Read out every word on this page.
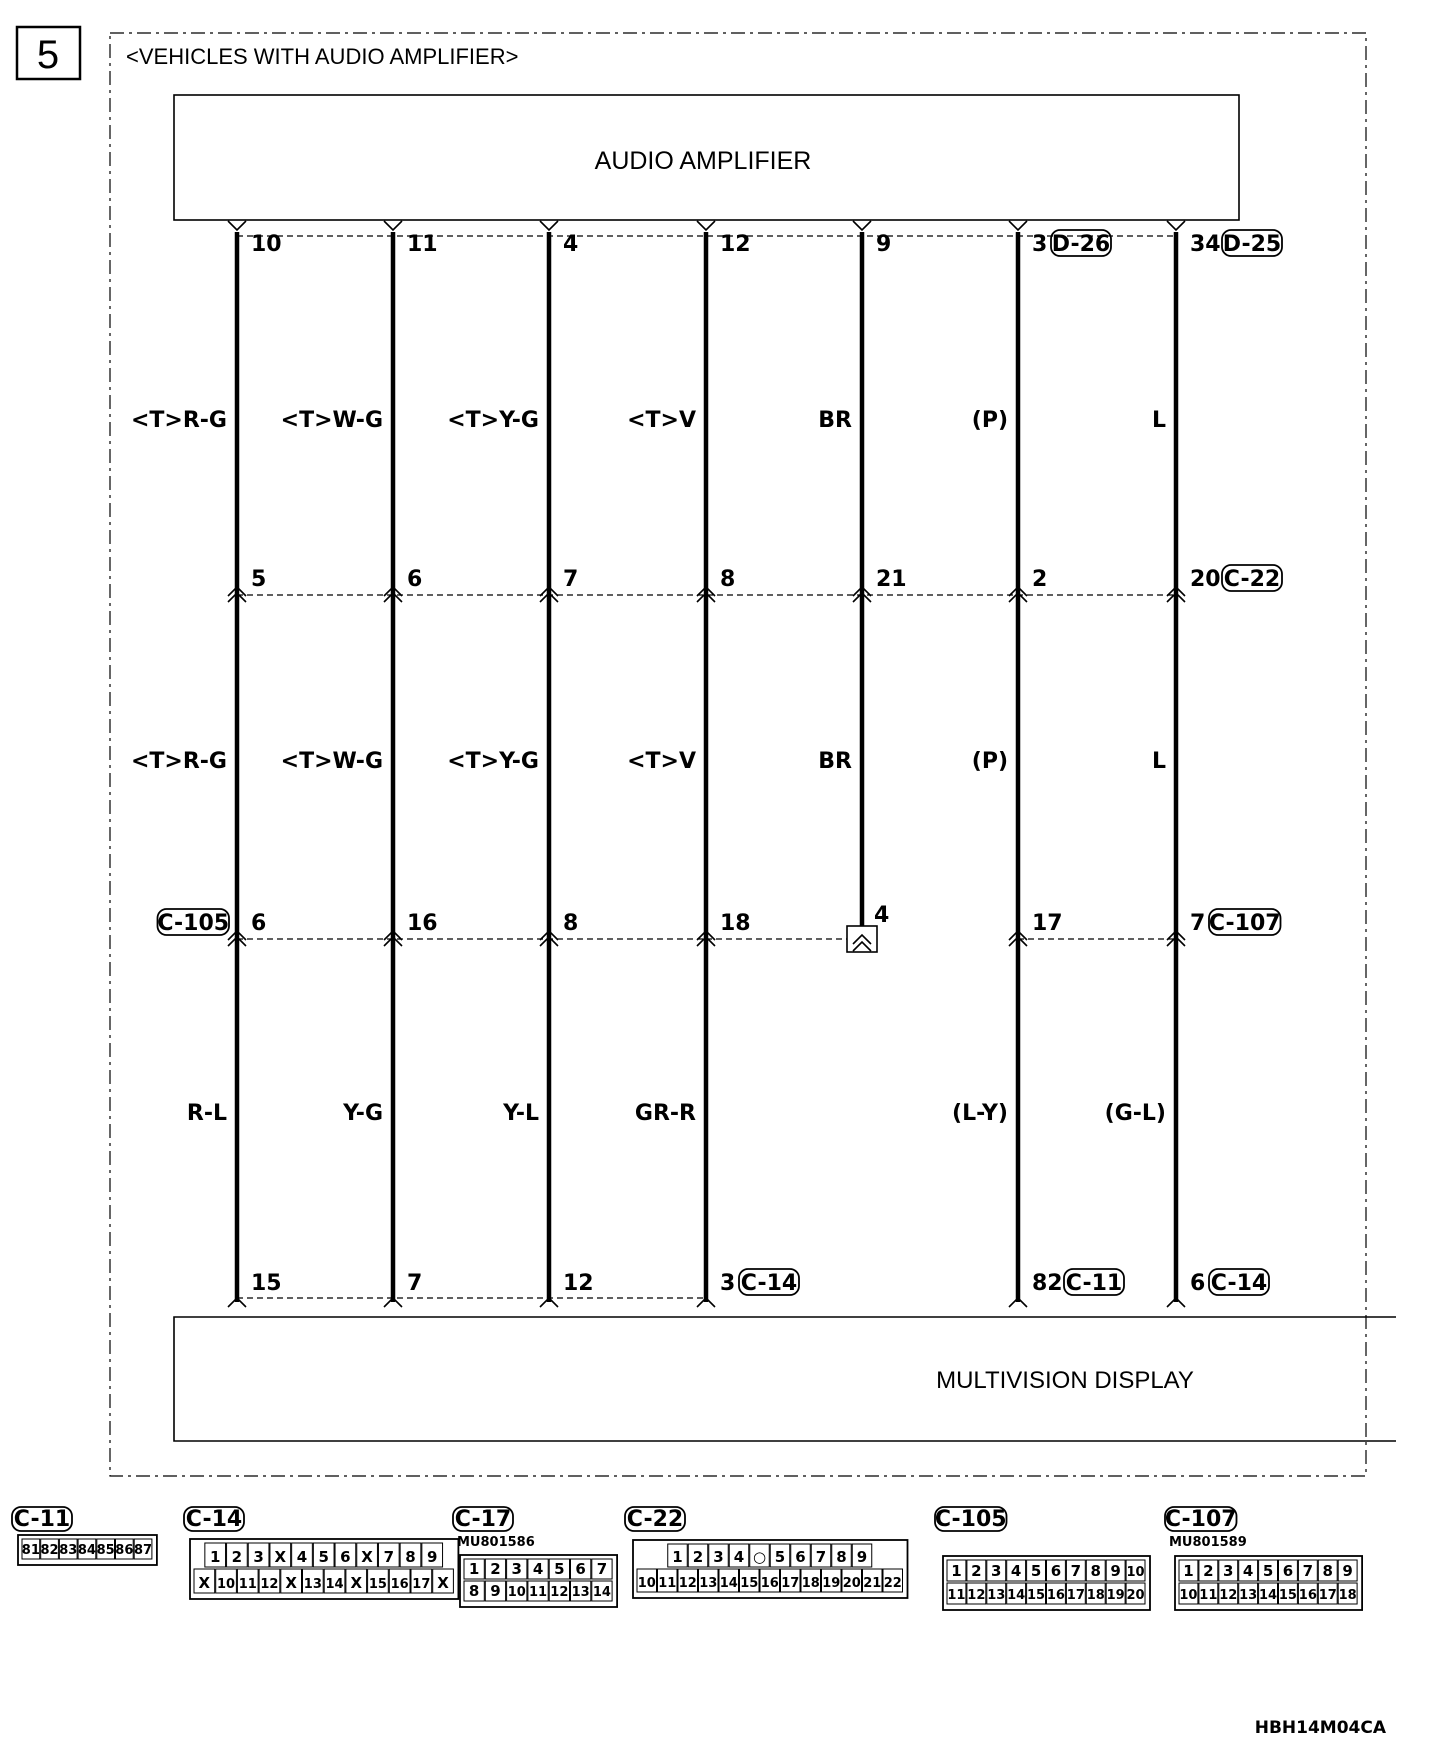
5	<VEHICLES WITH AUDIO AMPLIFIER>
AUDIO AMPLIFIER
MULTIVISION DISPLAY
HBH14M04CA
10
5
6
C-105
15
<T>R-G
<T>R-G
R-L
11
6
16
7
<T>W-G
<T>W-G
Y-G
4
7
8
12
<T>Y-G
<T>Y-G
Y-L
12
8
18
3 C-14
<T>V
<T>V
GR-R
9
21
4
BR
BR
3 D-26
2
17
82 C-11
(P)
(P)
(L-Y)
34 D-25
20 C-22
7 C-107
6 C-14
L
L
(G-L)
C-11
81 82 83 84 85 86 87
C-14
1 2 3 X 4 5 6 X 7 8 9
X 10 11 12 X 13 14 X 15 16 17 X
C-17
MU801586
1 2 3 4 5 6 7
8 9 10 11 12 13 14
C-22
1 2 3 4 ○ 5 6 7 8 9
10 11 12 13 14 15 16 17 18 19 20 21 22
C-105
1 2 3 4 5 6 7 8 9 10
11 12 13 14 15 16 17 18 19 20
C-107
MU801589
1 2 3 4 5 6 7 8 9
10 11 12 13 14 15 16 17 18
